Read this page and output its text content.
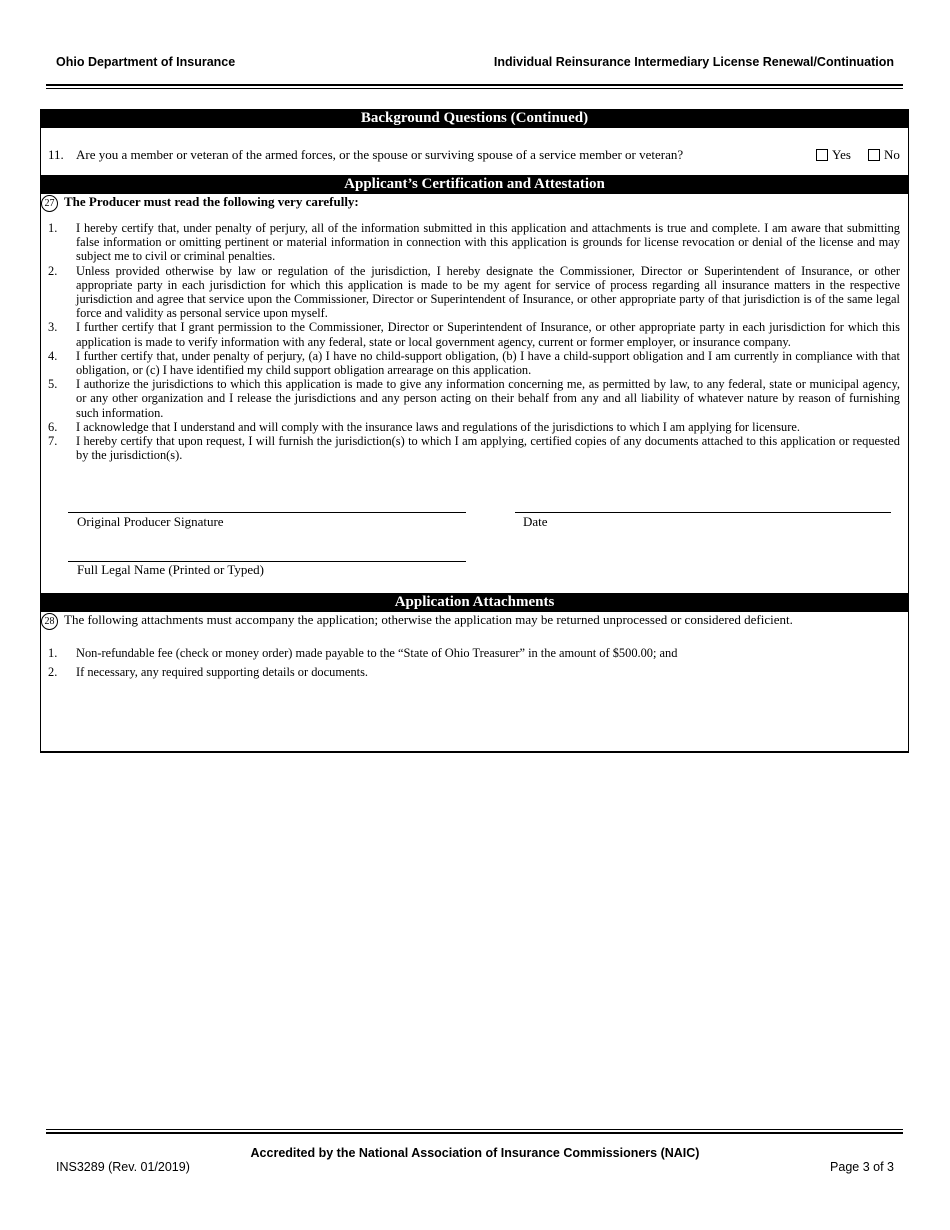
Ohio Department of Insurance	Individual Reinsurance Intermediary License Renewal/Continuation
Background Questions (Continued)
11. Are you a member or veteran of the armed forces, or the spouse or surviving spouse of a service member or veteran?	Yes	No
Applicant’s Certification and Attestation
27 The Producer must read the following very carefully:
1.	I hereby certify that, under penalty of perjury, all of the information submitted in this application and attachments is true and complete. I am aware that submitting false information or omitting pertinent or material information in connection with this application is grounds for license revocation or denial of the license and may subject me to civil or criminal penalties.
2.	Unless provided otherwise by law or regulation of the jurisdiction, I hereby designate the Commissioner, Director or Superintendent of Insurance, or other appropriate party in each jurisdiction for which this application is made to be my agent for service of process regarding all insurance matters in the respective jurisdiction and agree that service upon the Commissioner, Director or Superintendent of Insurance, or other appropriate party of that jurisdiction is of the same legal force and validity as personal service upon myself.
3.	I further certify that I grant permission to the Commissioner, Director or Superintendent of Insurance, or other appropriate party in each jurisdiction for which this application is made to verify information with any federal, state or local government agency, current or former employer, or insurance company.
4.	I further certify that, under penalty of perjury, (a) I have no child-support obligation, (b) I have a child-support obligation and I am currently in compliance with that obligation, or (c) I have identified my child support obligation arrearage on this application.
5.	I authorize the jurisdictions to which this application is made to give any information concerning me, as permitted by law, to any federal, state or municipal agency, or any other organization and I release the jurisdictions and any person acting on their behalf from any and all liability of whatever nature by reason of furnishing such information.
6.	I acknowledge that I understand and will comply with the insurance laws and regulations of the jurisdictions to which I am applying for licensure.
7.	I hereby certify that upon request, I will furnish the jurisdiction(s) to which I am applying, certified copies of any documents attached to this application or requested by the jurisdiction(s).
Original Producer Signature	Date
Full Legal Name (Printed or Typed)
Application Attachments
28 The following attachments must accompany the application; otherwise the application may be returned unprocessed or considered deficient.
1.	Non-refundable fee (check or money order) made payable to the “State of Ohio Treasurer” in the amount of $500.00; and
2.	If necessary, any required supporting details or documents.
Accredited by the National Association of Insurance Commissioners (NAIC)
INS3289 (Rev. 01/2019)	Page 3 of 3
